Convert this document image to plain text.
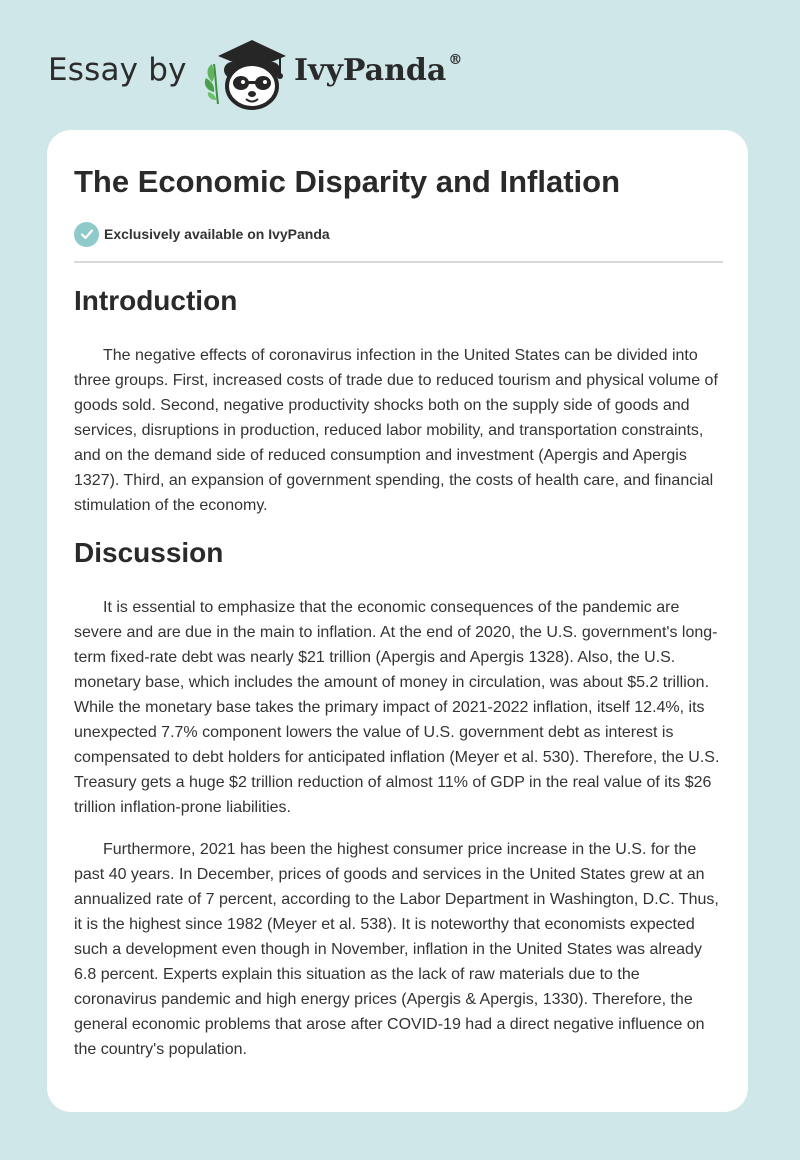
Essay by	IvyPanda ®
The Economic Disparity and Inflation
Exclusively available on IvyPanda
Introduction

The negative effects of coronavirus infection in the United States can be divided into three groups. First, increased costs of trade due to reduced tourism and physical volume of goods sold. Second, negative productivity shocks both on the supply side of goods and services, disruptions in production, reduced labor mobility, and transportation constraints, and on the demand side of reduced consumption and investment (Apergis and Apergis 1327). Third, an expansion of government spending, the costs of health care, and financial stimulation of the economy.

Discussion

It is essential to emphasize that the economic consequences of the pandemic are severe and are due in the main to inflation. At the end of 2020, the U.S. government's long-term fixed-rate debt was nearly $21 trillion (Apergis and Apergis 1328). Also, the U.S. monetary base, which includes the amount of money in circulation, was about $5.2 trillion. While the monetary base takes the primary impact of 2021-2022 inflation, itself 12.4%, its unexpected 7.7% component lowers the value of U.S. government debt as interest is compensated to debt holders for anticipated inflation (Meyer et al. 530). Therefore, the U.S. Treasury gets a huge $2 trillion reduction of almost 11% of GDP in the real value of its $26 trillion inflation-prone liabilities.

Furthermore, 2021 has been the highest consumer price increase in the U.S. for the past 40 years. In December, prices of goods and services in the United States grew at an annualized rate of 7 percent, according to the Labor Department in Washington, D.C. Thus, it is the highest since 1982 (Meyer et al. 538). It is noteworthy that economists expected such a development even though in November, inflation in the United States was already 6.8 percent. Experts explain this situation as the lack of raw materials due to the coronavirus pandemic and high energy prices (Apergis & Apergis, 1330). Therefore, the general economic problems that arose after COVID-19 had a direct negative influence on the country's population.
